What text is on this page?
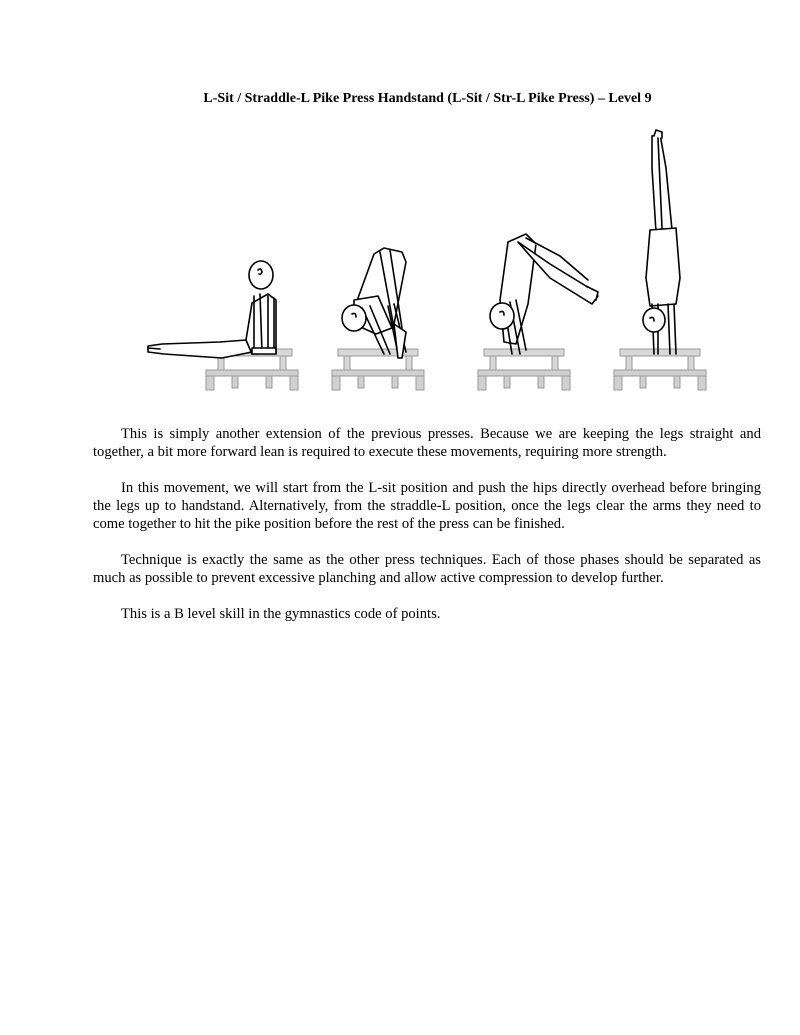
L-Sit / Straddle-L Pike Press Handstand (L-Sit / Str-L Pike Press) – Level 9

This is simply another extension of the previous presses. Because we are keeping the legs straight and together, a bit more forward lean is required to execute these movements, requiring more strength.

In this movement, we will start from the L-sit position and push the hips directly overhead before bringing the legs up to handstand. Alternatively, from the straddle-L position, once the legs clear the arms they need to come together to hit the pike position before the rest of the press can be finished.

Technique is exactly the same as the other press techniques. Each of those phases should be separated as much as possible to prevent excessive planching and allow active compression to develop further.

This is a B level skill in the gymnastics code of points.
